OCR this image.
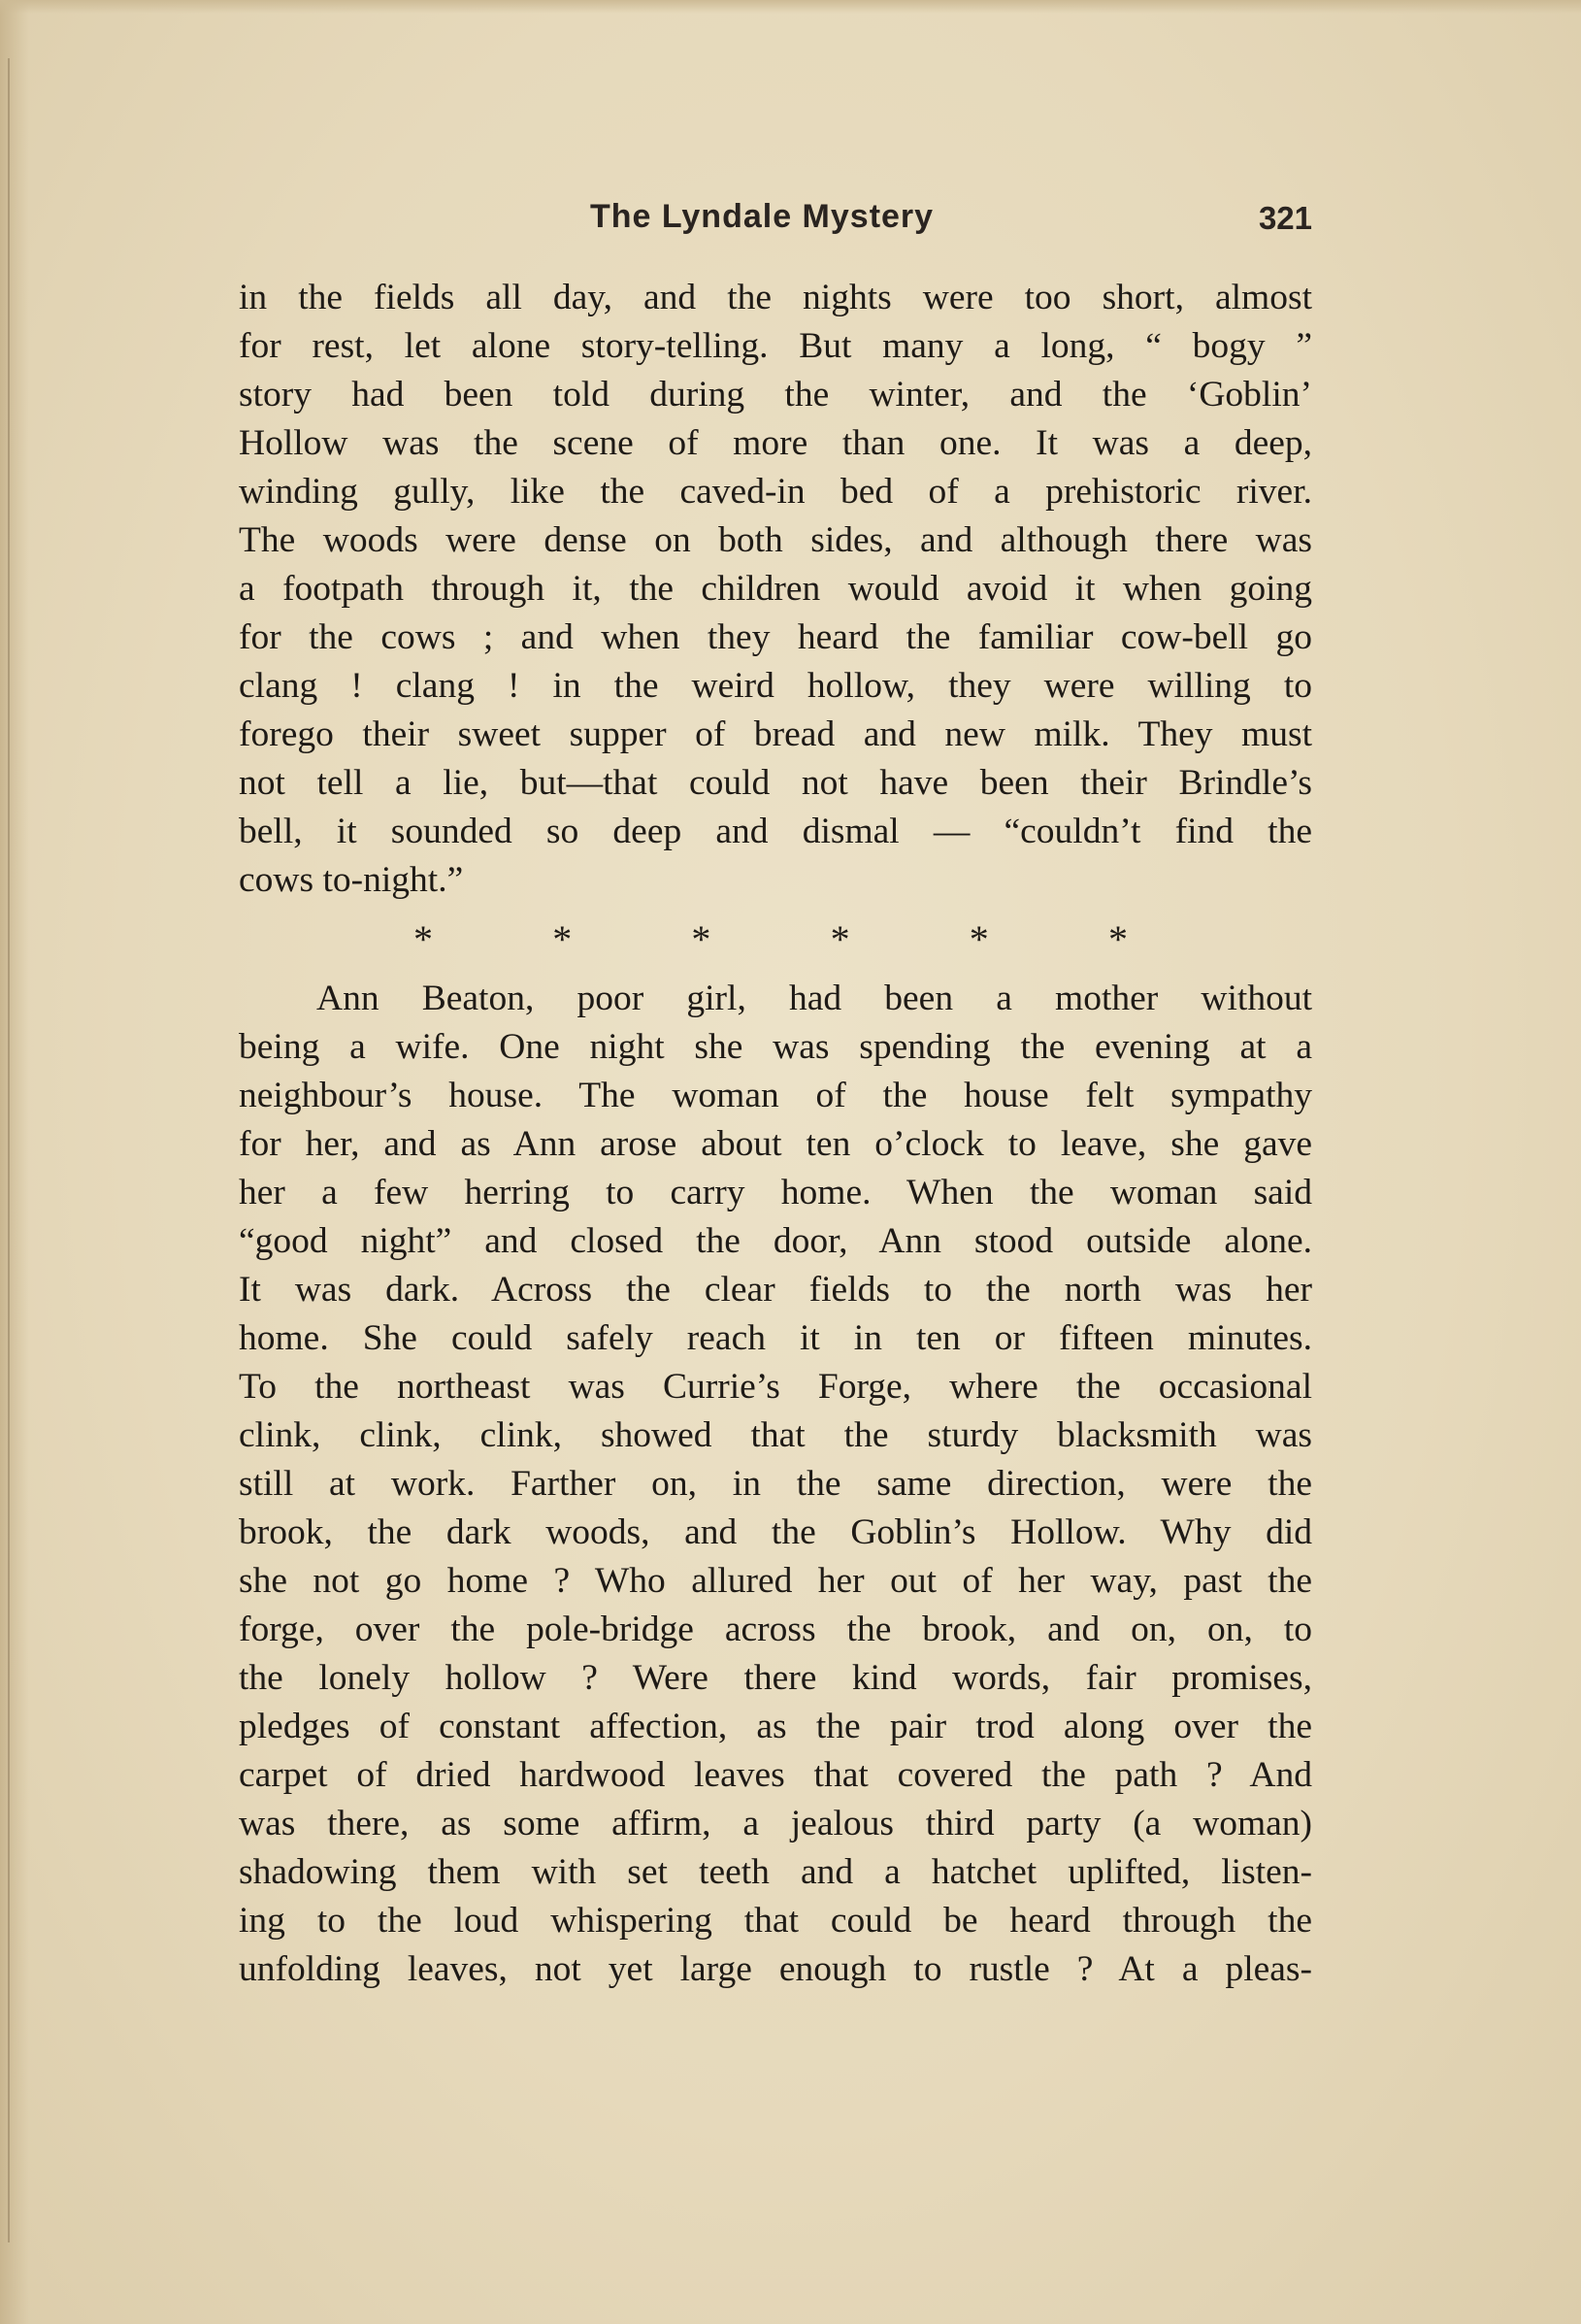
The Lyndale Mystery	321
in the fields all day, and the nights were too short, almost
for rest, let alone story-telling. But many a long, “ bogy ”
story had been told during the winter, and the ‘Goblin’
Hollow was the scene of more than one. It was a deep,
winding gully, like the caved-in bed of a prehistoric river.
The woods were dense on both sides, and although there was
a footpath through it, the children would avoid it when going
for the cows ; and when they heard the familiar cow-bell go
clang ! clang ! in the weird hollow, they were willing to
forego their sweet supper of bread and new milk. They must
not tell a lie, but—that could not have been their Brindle’s
bell, it sounded so deep and dismal — “couldn’t find the
cows to-night.”
*	*	*	*	*	*
Ann Beaton, poor girl, had been a mother without
being a wife. One night she was spending the evening at a
neighbour’s house. The woman of the house felt sympathy
for her, and as Ann arose about ten o’clock to leave, she gave
her a few herring to carry home. When the woman said
“good night” and closed the door, Ann stood outside alone.
It was dark. Across the clear fields to the north was her
home. She could safely reach it in ten or fifteen minutes.
To the northeast was Currie’s Forge, where the occasional
clink, clink, clink, showed that the sturdy blacksmith was
still at work. Farther on, in the same direction, were the
brook, the dark woods, and the Goblin’s Hollow. Why did
she not go home ? Who allured her out of her way, past the
forge, over the pole-bridge across the brook, and on, on, to
the lonely hollow ? Were there kind words, fair promises,
pledges of constant affection, as the pair trod along over the
carpet of dried hardwood leaves that covered the path ? And
was there, as some affirm, a jealous third party (a woman)
shadowing them with set teeth and a hatchet uplifted, listen-
ing to the loud whispering that could be heard through the
unfolding leaves, not yet large enough to rustle ? At a pleas-
